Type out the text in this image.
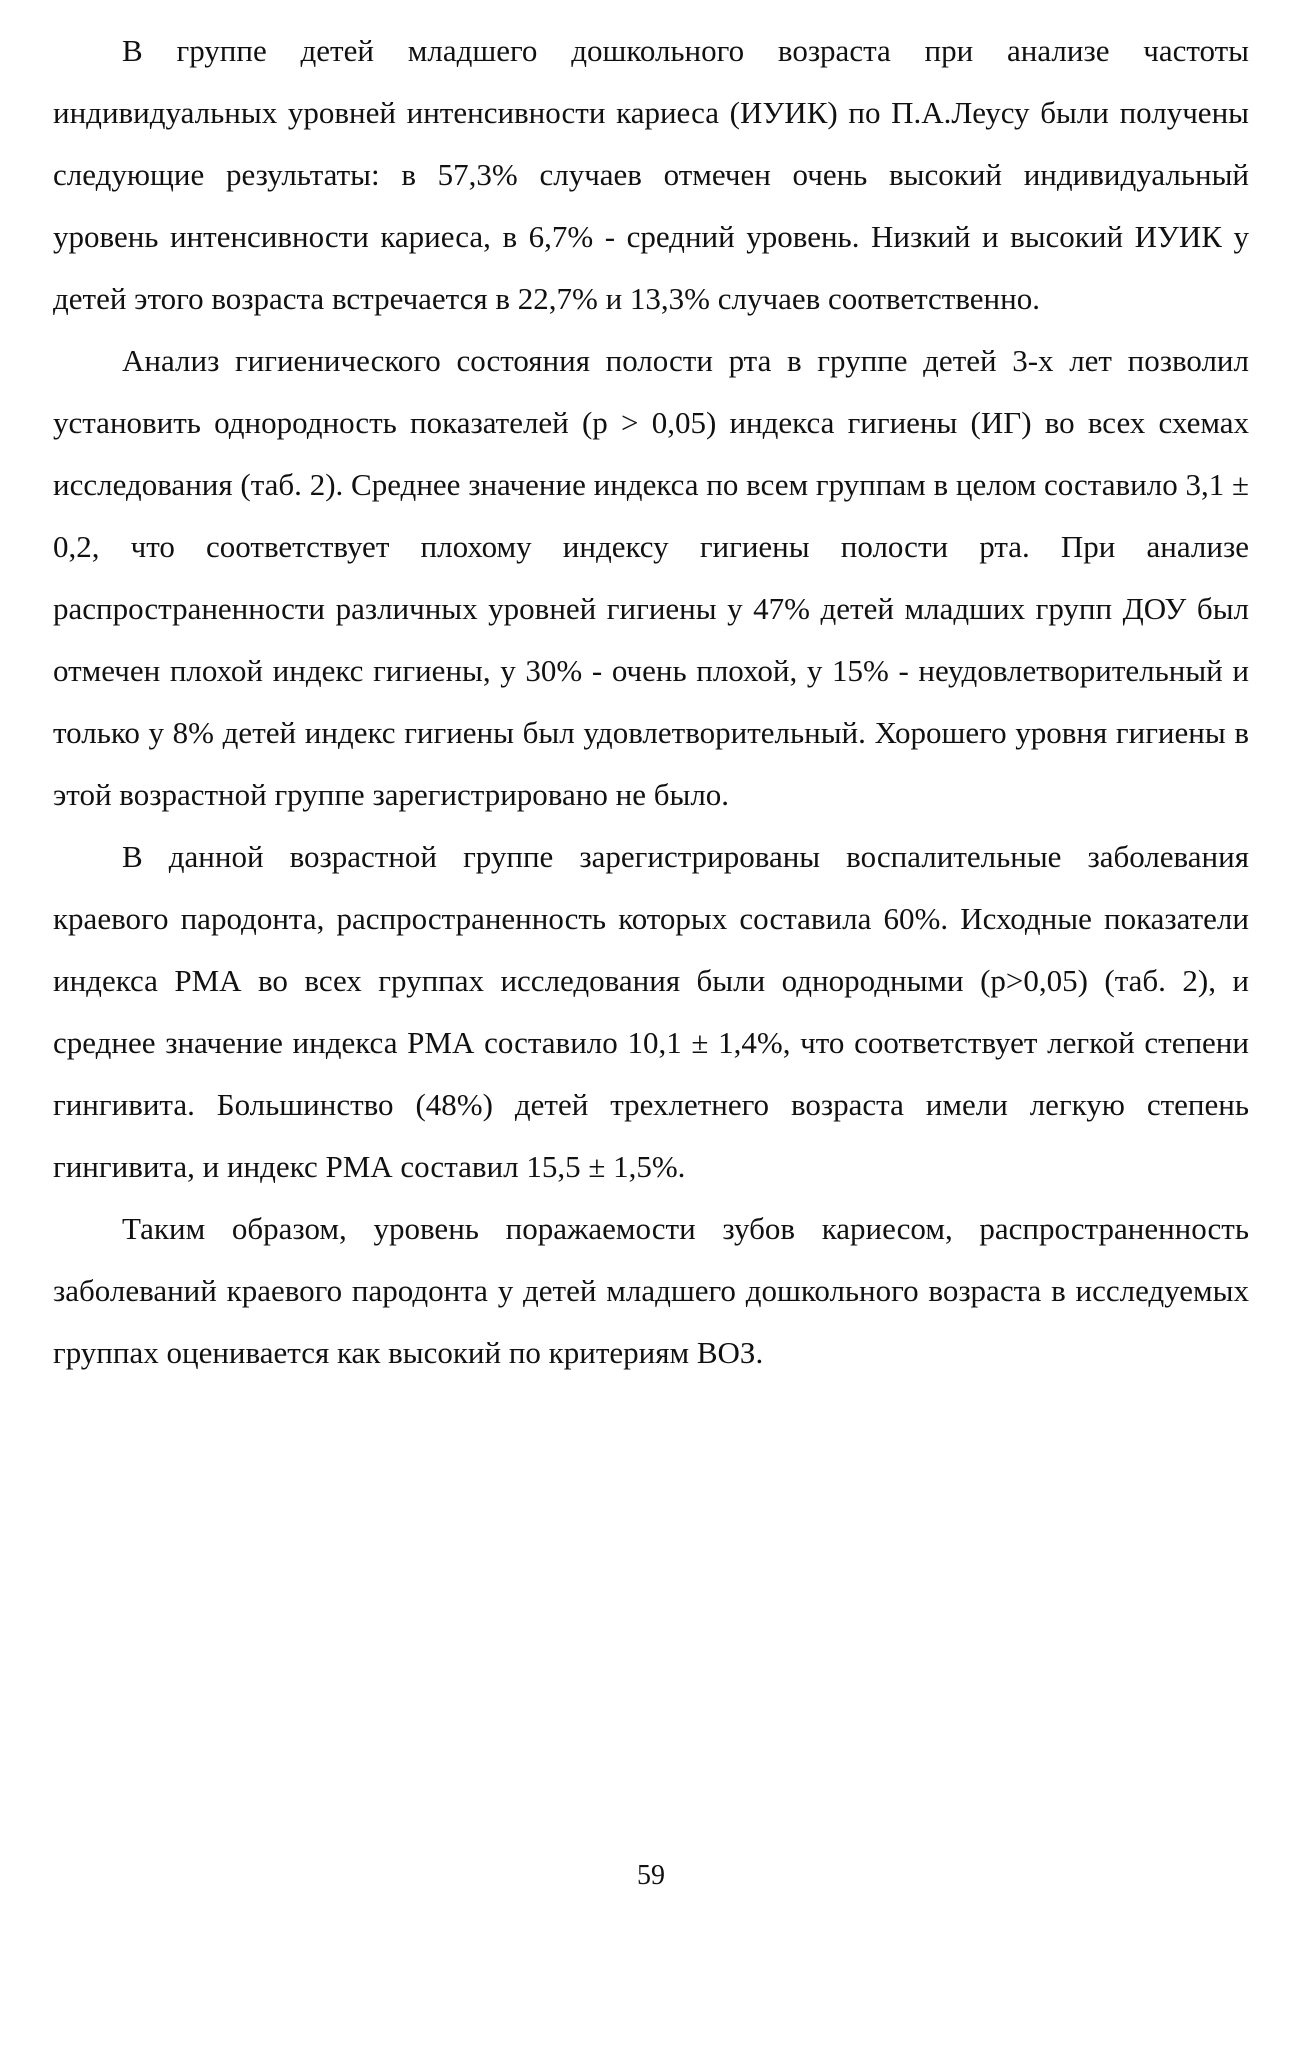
В группе детей младшего дошкольного возраста при анализе частоты индивидуальных уровней интенсивности кариеса (ИУИК) по П.А.Леусу были получены следующие результаты: в 57,3% случаев отмечен очень высокий индивидуальный уровень интенсивности кариеса, в 6,7% - средний уровень. Низкий и высокий ИУИК у детей этого возраста встречается в 22,7% и 13,3% случаев соответственно.

Анализ гигиенического состояния полости рта в группе детей 3-х лет позволил установить однородность показателей (p > 0,05) индекса гигиены (ИГ) во всех схемах исследования (таб. 2). Среднее значение индекса по всем группам в целом составило 3,1 ± 0,2, что соответствует плохому индексу гигиены полости рта. При анализе распространенности различных уровней гигиены у 47% детей младших групп ДОУ был отмечен плохой индекс гигиены, у 30% - очень плохой, у 15% - неудовлетворительный и только у 8% детей индекс гигиены был удовлетворительный. Хорошего уровня гигиены в этой возрастной группе зарегистрировано не было.

В данной возрастной группе зарегистрированы воспалительные заболевания краевого пародонта, распространенность которых составила 60%. Исходные показатели индекса РМА во всех группах исследования были однородными (p>0,05) (таб. 2), и среднее значение индекса РМА составило 10,1 ± 1,4%, что соответствует легкой степени гингивита. Большинство (48%) детей трехлетнего возраста имели легкую степень гингивита, и индекс РМА составил 15,5 ± 1,5%.

Таким образом, уровень поражаемости зубов кариесом, распространенность заболеваний краевого пародонта у детей младшего дошкольного возраста в исследуемых группах оценивается как высокий по критериям ВОЗ.

59
